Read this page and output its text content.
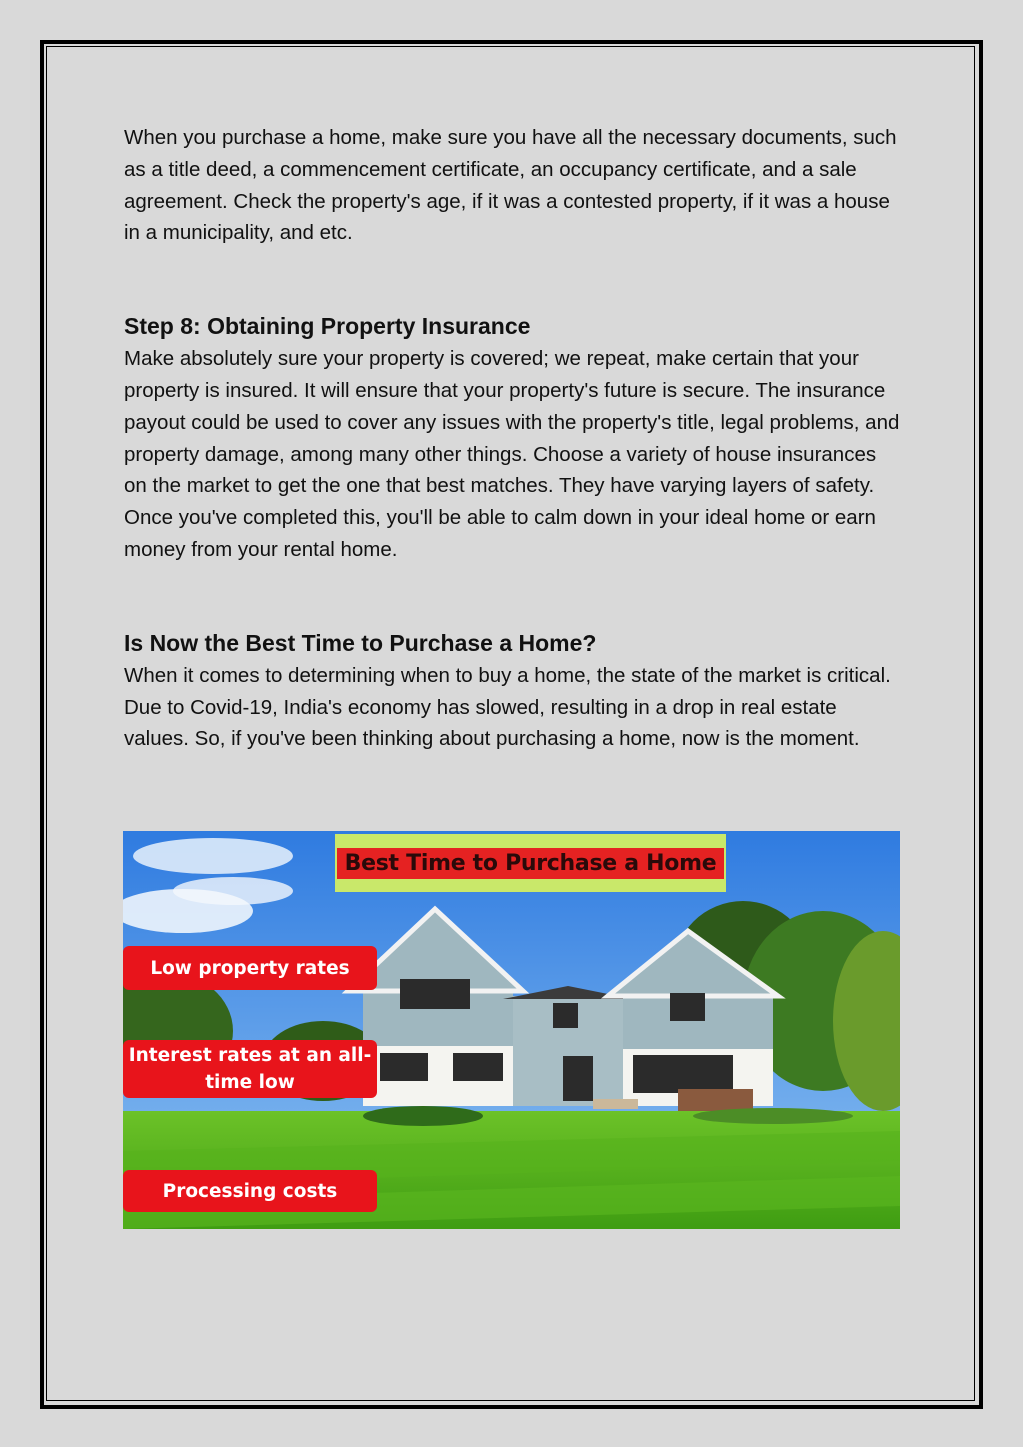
When you purchase a home, make sure you have all the necessary documents, such as a title deed, a commencement certificate, an occupancy certificate, and a sale agreement. Check the property's age, if it was a contested property, if it was a house in a municipality, and etc.

Step 8: Obtaining Property Insurance

Make absolutely sure your property is covered; we repeat, make certain that your property is insured. It will ensure that your property's future is secure. The insurance payout could be used to cover any issues with the property's title, legal problems, and property damage, among many other things. Choose a variety of house insurances on the market to get the one that best matches. They have varying layers of safety. Once you've completed this, you'll be able to calm down in your ideal home or earn money from your rental home.

Is Now the Best Time to Purchase a Home?

When it comes to determining when to buy a home, the state of the market is critical. Due to Covid-19, India's economy has slowed, resulting in a drop in real estate values. So, if you've been thinking about purchasing a home, now is the moment.

Best Time to Purchase a Home
Low property rates
Interest rates at an all-time low
Processing costs
